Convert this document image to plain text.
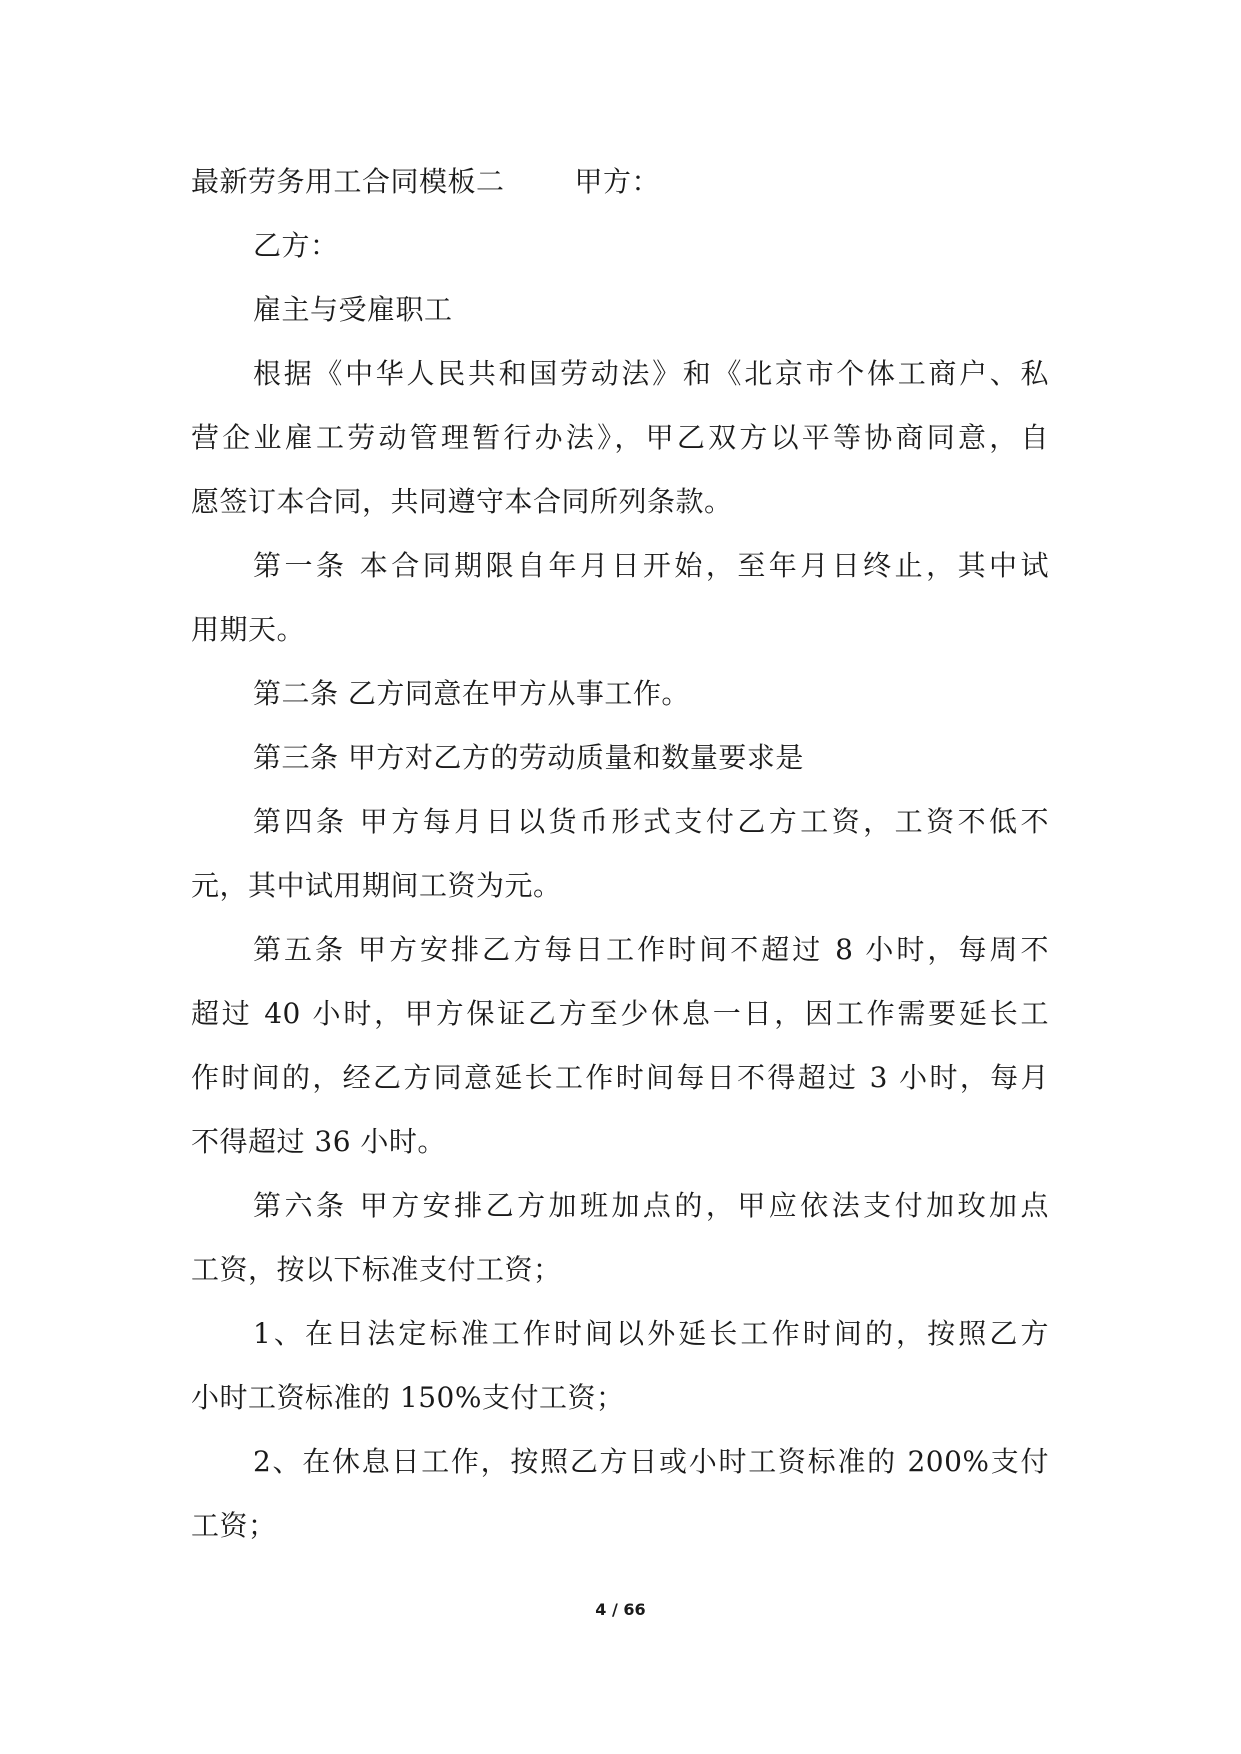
最新劳务用工合同模板二	甲方：
乙方：
雇主与受雇职工
根据《中华人民共和国劳动法》和《北京市个体工商户、私
营企业雇工劳动管理暂行办法》，甲乙双方以平等协商同意，自
愿签订本合同，共同遵守本合同所列条款。
第一条 本合同期限自年月日开始，至年月日终止，其中试
用期天。
第二条 乙方同意在甲方从事工作。
第三条 甲方对乙方的劳动质量和数量要求是
第四条 甲方每月日以货币形式支付乙方工资，工资不低不
元，其中试用期间工资为元。
第五条 甲方安排乙方每日工作时间不超过 8 小时，每周不
超过 40 小时，甲方保证乙方至少休息一日，因工作需要延长工
作时间的，经乙方同意延长工作时间每日不得超过 3 小时，每月
不得超过 36 小时。
第六条 甲方安排乙方加班加点的，甲应依法支付加玫加点
工资，按以下标准支付工资；
1、在日法定标准工作时间以外延长工作时间的，按照乙方
小时工资标准的 150%支付工资；
2、在休息日工作，按照乙方日或小时工资标准的 200%支付
工资；
4 / 66
